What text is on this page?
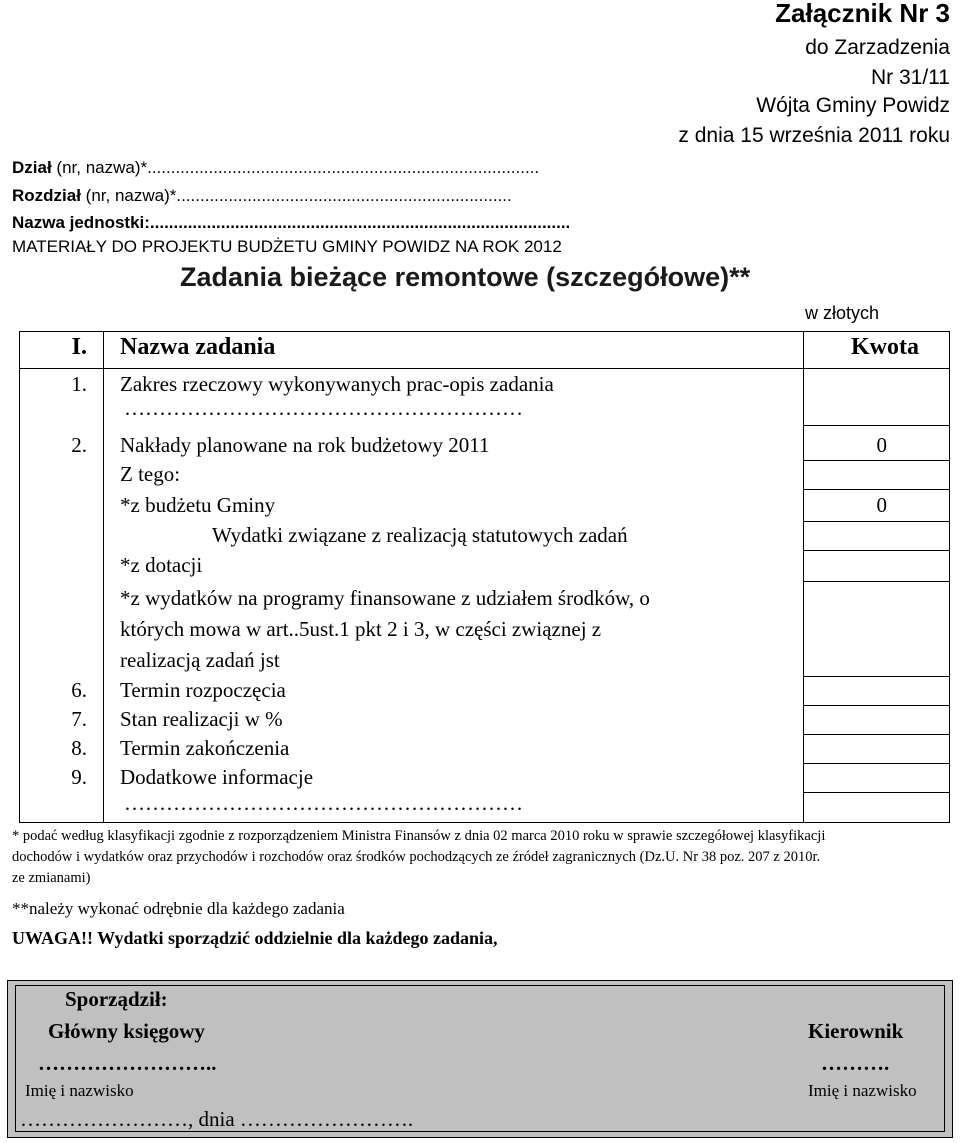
Załącznik Nr 3
do Zarzadzenia
Nr 31/11
Wójta Gminy Powidz
z dnia 15 września 2011 roku
Dział (nr, nazwa)*...................................................................................
Rozdział (nr, nazwa)*.......................................................................
Nazwa jednostki:.........................................................................................
MATERIAŁY DO PROJEKTU BUDŻETU GMINY POWIDZ NA ROK 2012
Zadania bieżące remontowe (szczegółowe)**
w złotych
I.	Nazwa zadania	Kwota
1.	Zakres rzeczowy wykonywanych prac-opis zadania
…………………………………………………
2.	Nakłady planowane na rok budżetowy 2011	0
Z tego:
*z budżetu Gminy	0
Wydatki związane z realizacją statutowych zadań
*z dotacji
*z wydatków na programy finansowane z udziałem środków, o
których mowa w art..5ust.1 pkt 2 i 3, w części związnej z
realizacją zadań jst
6.	Termin rozpoczęcia
7.	Stan realizacji w %
8.	Termin zakończenia
9.	Dodatkowe informacje
…………………………………………………
* podać według klasyfikacji zgodnie z rozporządzeniem Ministra Finansów z dnia 02 marca 2010 roku w sprawie szczegółowej klasyfikacji
dochodów i wydatków oraz przychodów i rozchodów oraz środków pochodzących ze źródeł zagranicznych (Dz.U. Nr 38 poz. 207 z 2010r.
ze zmianami)
**należy wykonać odrębnie dla każdego zadania
UWAGA!! Wydatki sporządzić oddzielnie dla każdego zadania,
Sporządził:
Główny księgowy	Kierownik
……………………..	……….
Imię i nazwisko	Imię i nazwisko
……………………, dnia …………………….
